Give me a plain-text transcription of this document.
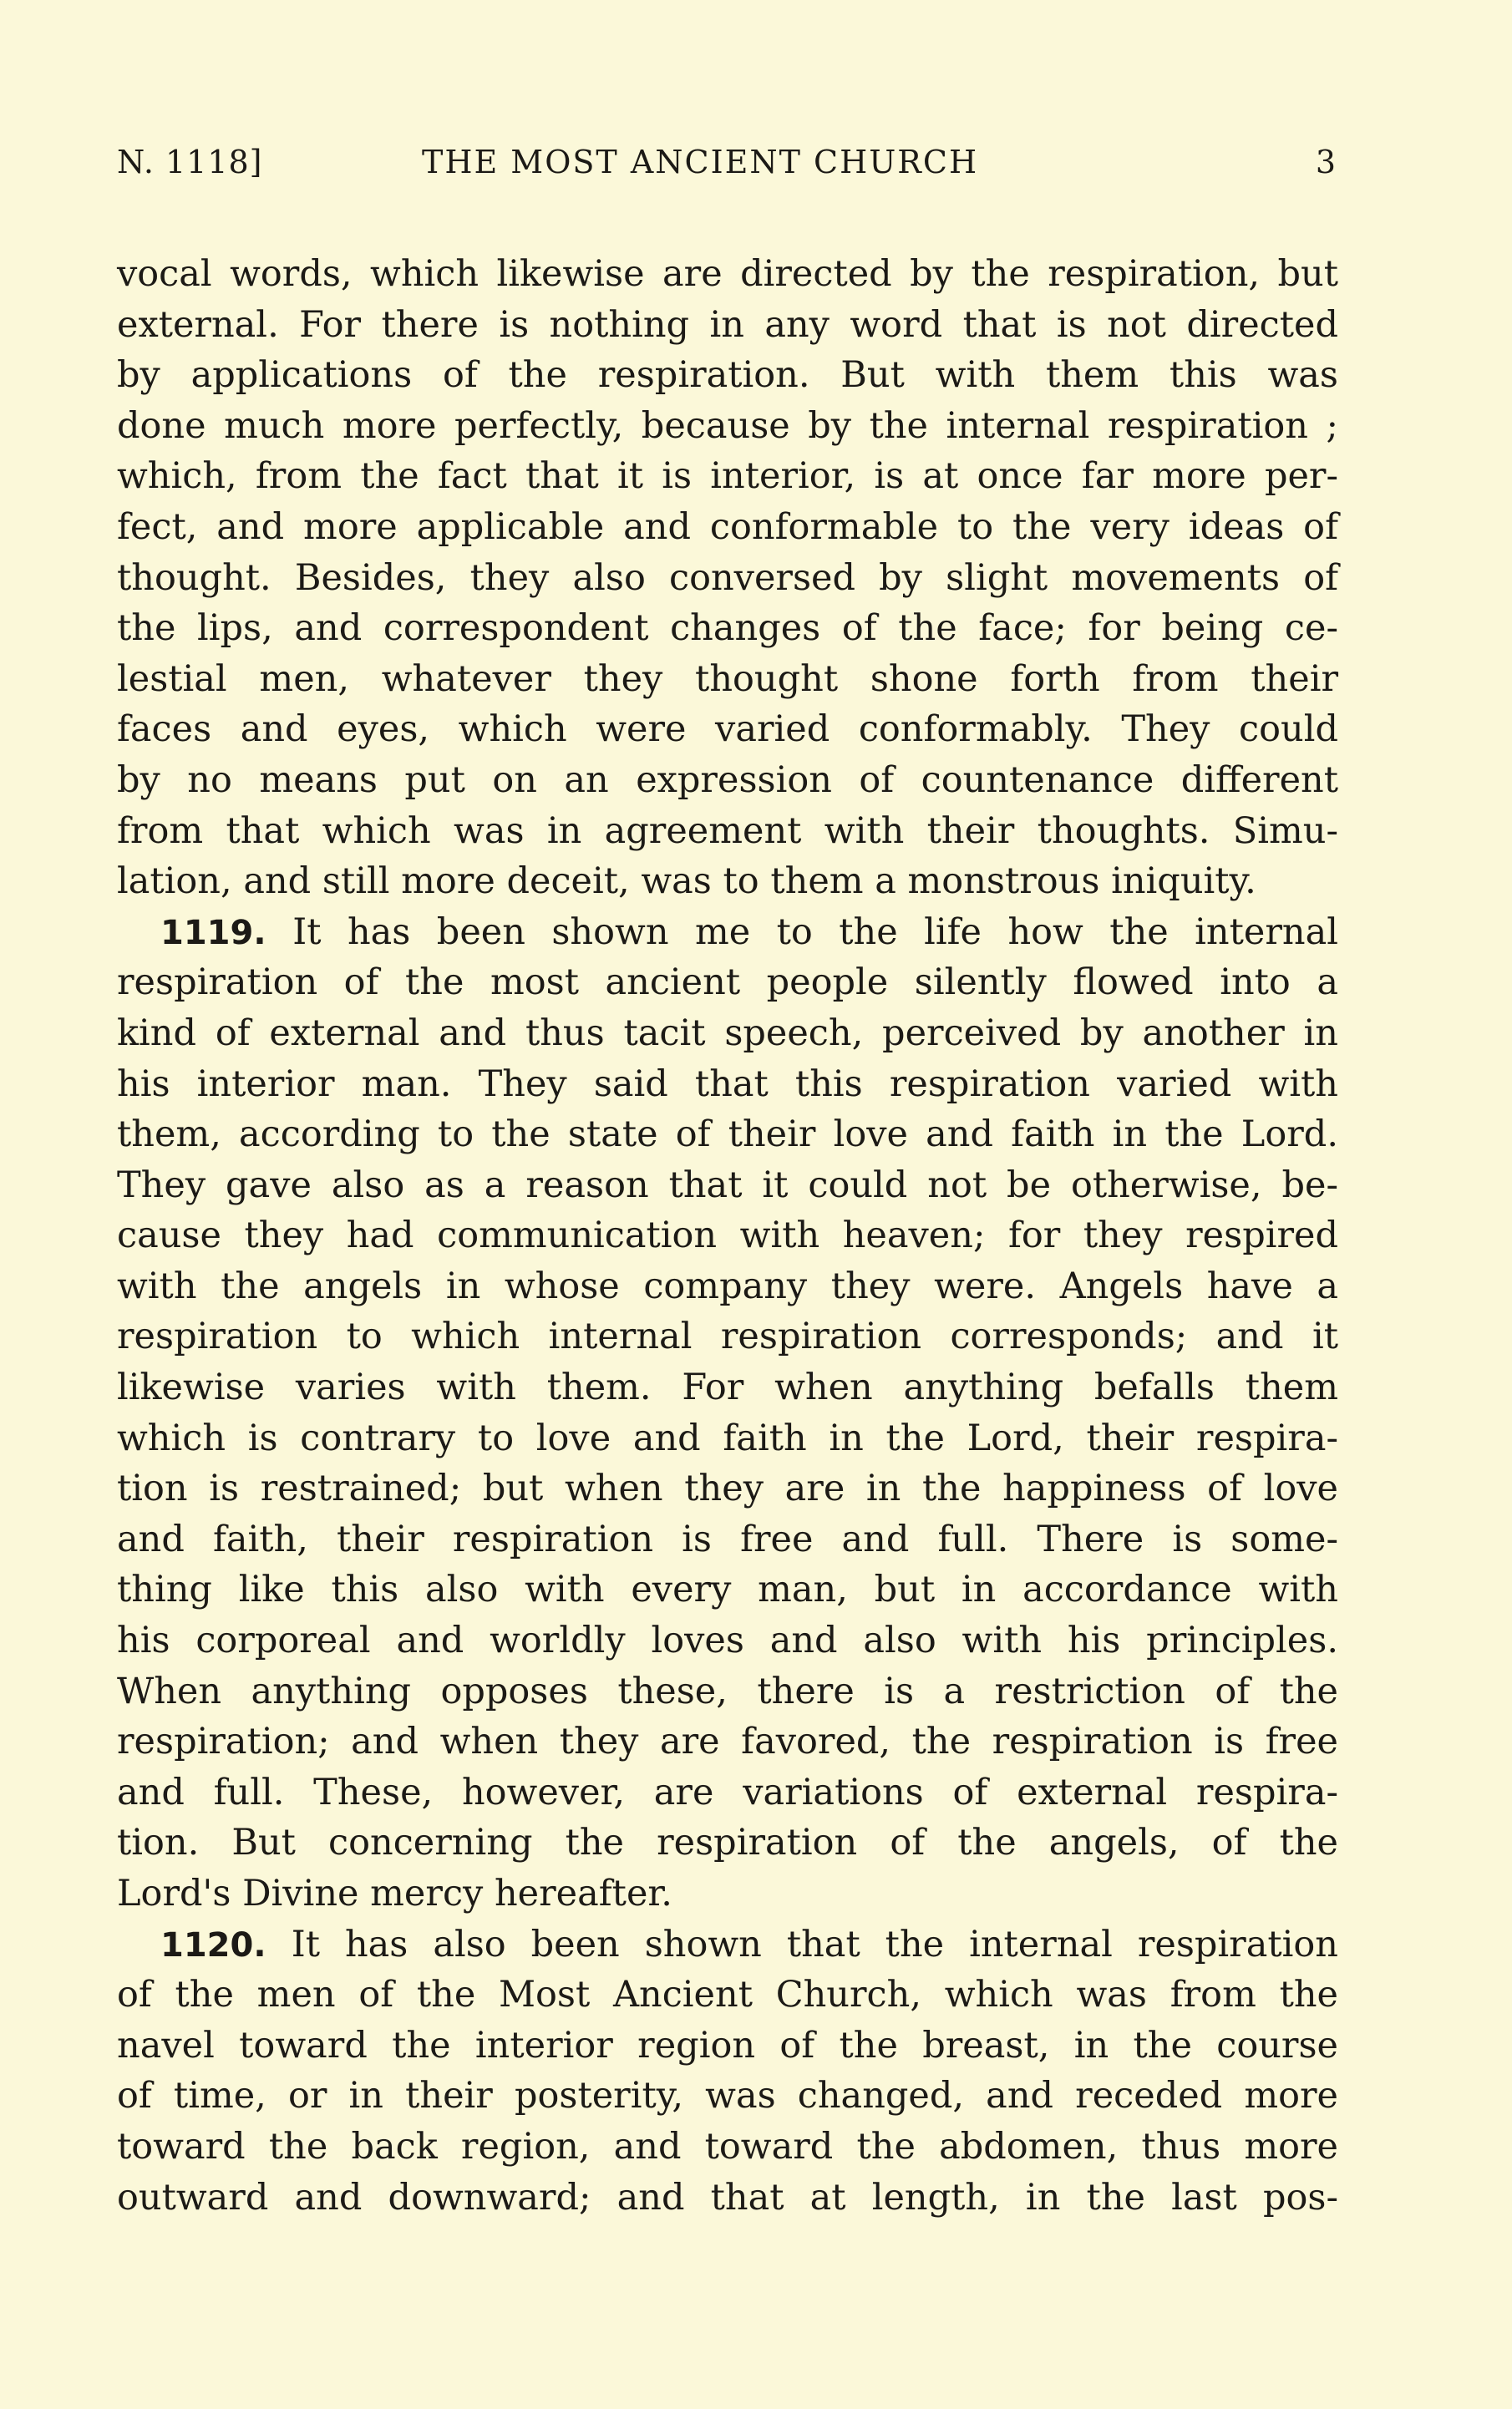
N. 1118]	THE MOST ANCIENT CHURCH	3
vocal words, which likewise are directed by the respiration, but
external. For there is nothing in any word that is not directed
by applications of the respiration. But with them this was
done much more perfectly, because by the internal respiration ;
which, from the fact that it is interior, is at once far more per-
fect, and more applicable and conformable to the very ideas of
thought. Besides, they also conversed by slight movements of
the lips, and correspondent changes of the face; for being ce-
lestial men, whatever they thought shone forth from their
faces and eyes, which were varied conformably. They could
by no means put on an expression of countenance different
from that which was in agreement with their thoughts. Simu-
lation, and still more deceit, was to them a monstrous iniquity.
1119. It has been shown me to the life how the internal
respiration of the most ancient people silently flowed into a
kind of external and thus tacit speech, perceived by another in
his interior man. They said that this respiration varied with
them, according to the state of their love and faith in the Lord.
They gave also as a reason that it could not be otherwise, be-
cause they had communication with heaven; for they respired
with the angels in whose company they were. Angels have a
respiration to which internal respiration corresponds; and it
likewise varies with them. For when anything befalls them
which is contrary to love and faith in the Lord, their respira-
tion is restrained; but when they are in the happiness of love
and faith, their respiration is free and full. There is some-
thing like this also with every man, but in accordance with
his corporeal and worldly loves and also with his principles.
When anything opposes these, there is a restriction of the
respiration; and when they are favored, the respiration is free
and full. These, however, are variations of external respira-
tion. But concerning the respiration of the angels, of the
Lord's Divine mercy hereafter.
1120. It has also been shown that the internal respiration
of the men of the Most Ancient Church, which was from the
navel toward the interior region of the breast, in the course
of time, or in their posterity, was changed, and receded more
toward the back region, and toward the abdomen, thus more
outward and downward; and that at length, in the last pos-
